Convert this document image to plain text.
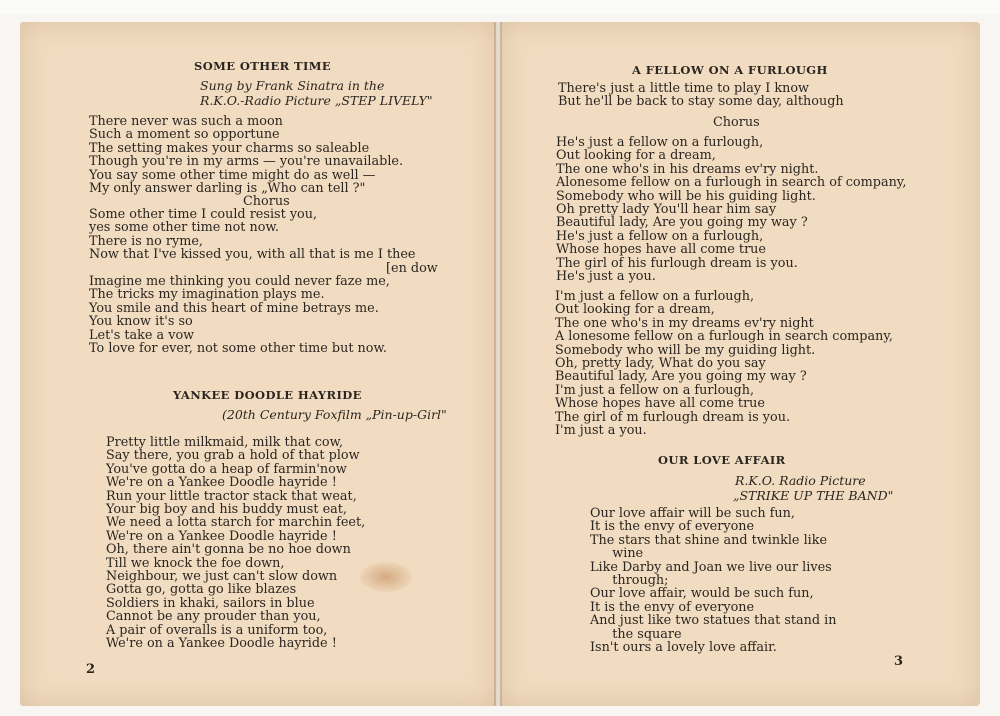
SOME OTHER TIME
Sung by Frank Sinatra in the
R.K.O.-Radio Picture „STEP LIVELY"
There never was such a moon
Such a moment so opportune
The setting makes your charms so saleable
Though you're in my arms — you're unavailable.
You say some other time might do as well —
My only answer darling is „Who can tell ?"
Chorus
Some other time I could resist you,
yes some other time not now.
There is no ryme,
Now that I've kissed you, with all that is me I thee
[en dow
Imagine me thinking you could never faze me,
The tricks my imagination plays me.
You smile and this heart of mine betrays me.
You know it's so
Let's take a vow
To love for ever, not some other time but now.
YANKEE DOODLE HAYRIDE
(20th Century Foxfilm „Pin-up-Girl"
Pretty little milkmaid, milk that cow,
Say there, you grab a hold of that plow
You've gotta do a heap of farmin'now
We're on a Yankee Doodle hayride !
Run your little tractor stack that weat,
Your big boy and his buddy must eat,
We need a lotta starch for marchin feet,
We're on a Yankee Doodle hayride !
Oh, there ain't gonna be no hoe down
Till we knock the foe down,
Neighbour, we just can't slow down
Gotta go, gotta go like blazes
Soldiers in khaki, sailors in blue
Cannot be any prouder than you,
A pair of overalls is a uniform too,
We're on a Yankee Doodle hayride !
2
A FELLOW ON A FURLOUGH
There's just a little time to play I know
But he'll be back to stay some day, although
Chorus
He's just a fellow on a furlough,
Out looking for a dream,
The one who's in his dreams ev'ry night.
Alonesome fellow on a furlough in search of company,
Somebody who will be his guiding light.
Oh pretty lady You'll hear him say
Beautiful lady, Are you going my way ?
He's just a fellow on a furlough,
Whose hopes have all come true
The girl of his furlough dream is you.
He's just a you.
I'm just a fellow on a furlough,
Out looking for a dream,
The one who's in my dreams ev'ry night
A lonesome fellow on a furlough in search company,
Somebody who will be my guiding light.
Oh, pretty lady, What do you say
Beautiful lady, Are you going my way ?
I'm just a fellow on a furlough,
Whose hopes have all come true
The girl of m furlough dream is you.
I'm just a you.
OUR LOVE AFFAIR
R.K.O. Radio Picture
„STRIKE UP THE BAND"
Our love affair will be such fun,
It is the envy of everyone
The stars that shine and twinkle like
wine
Like Darby and Joan we live our lives
through;
Our love affair, would be such fun,
It is the envy of everyone
And just like two statues that stand in
the square
Isn't ours a lovely love affair.
3
